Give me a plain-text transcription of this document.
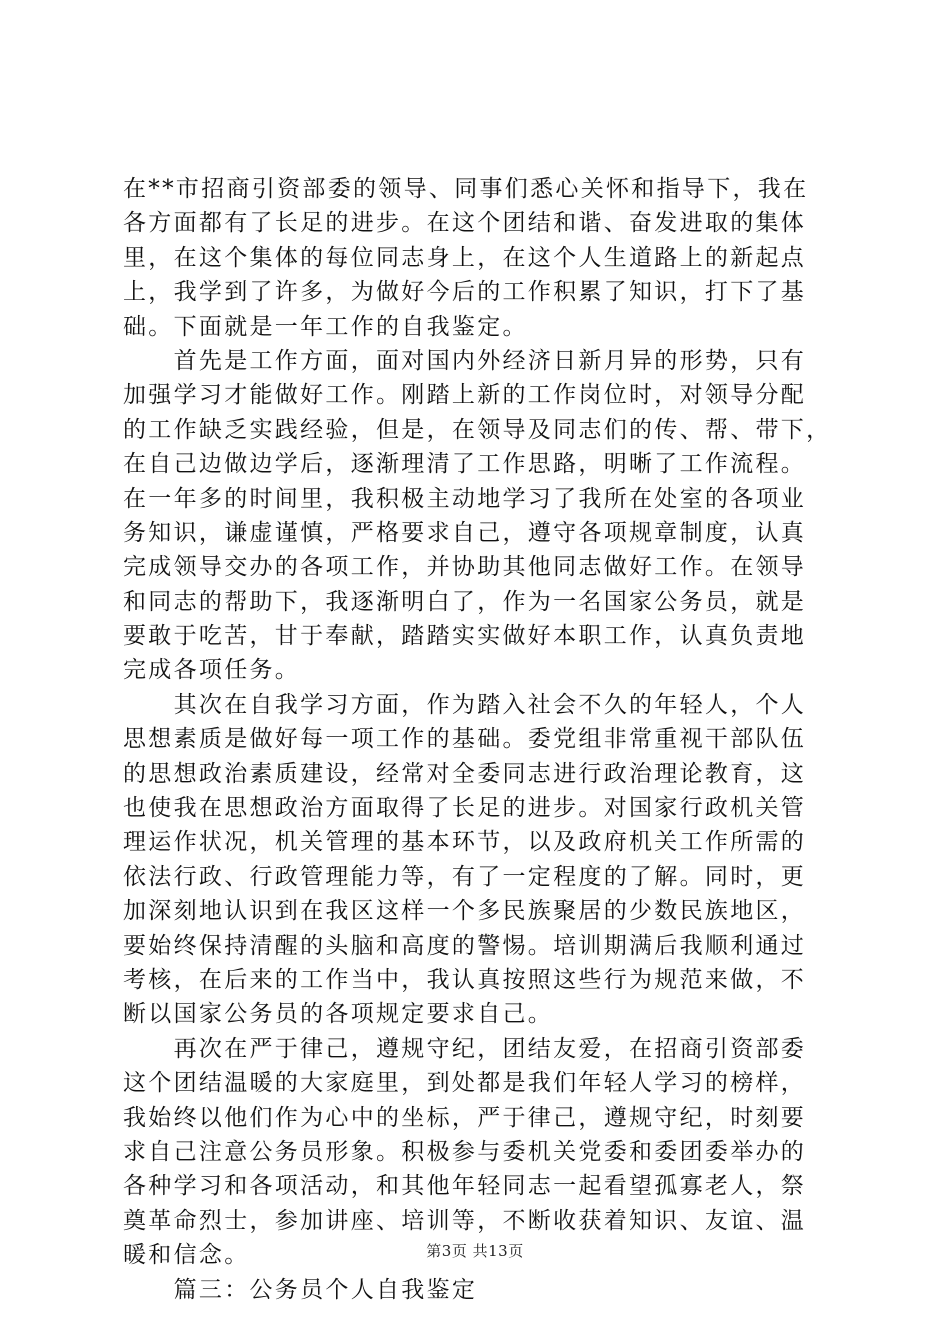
在**市招商引资部委的领导、同事们悉心关怀和指导下，我在
各方面都有了长足的进步。在这个团结和谐、奋发进取的集体
里，在这个集体的每位同志身上，在这个人生道路上的新起点
上，我学到了许多，为做好今后的工作积累了知识，打下了基
础。下面就是一年工作的自我鉴定。
　　首先是工作方面，面对国内外经济日新月异的形势，只有
加强学习才能做好工作。刚踏上新的工作岗位时，对领导分配
的工作缺乏实践经验，但是，在领导及同志们的传、帮、带下，
在自己边做边学后，逐渐理清了工作思路，明晰了工作流程。
在一年多的时间里，我积极主动地学习了我所在处室的各项业
务知识，谦虚谨慎，严格要求自己，遵守各项规章制度，认真
完成领导交办的各项工作，并协助其他同志做好工作。在领导
和同志的帮助下，我逐渐明白了，作为一名国家公务员，就是
要敢于吃苦，甘于奉献，踏踏实实做好本职工作，认真负责地
完成各项任务。
　　其次在自我学习方面，作为踏入社会不久的年轻人，个人
思想素质是做好每一项工作的基础。委党组非常重视干部队伍
的思想政治素质建设，经常对全委同志进行政治理论教育，这
也使我在思想政治方面取得了长足的进步。对国家行政机关管
理运作状况，机关管理的基本环节，以及政府机关工作所需的
依法行政、行政管理能力等，有了一定程度的了解。同时，更
加深刻地认识到在我区这样一个多民族聚居的少数民族地区，
要始终保持清醒的头脑和高度的警惕。培训期满后我顺利通过
考核，在后来的工作当中，我认真按照这些行为规范来做，不
断以国家公务员的各项规定要求自己。
　　再次在严于律己，遵规守纪，团结友爱，在招商引资部委
这个团结温暖的大家庭里，到处都是我们年轻人学习的榜样，
我始终以他们作为心中的坐标，严于律己，遵规守纪，时刻要
求自己注意公务员形象。积极参与委机关党委和委团委举办的
各种学习和各项活动，和其他年轻同志一起看望孤寡老人，祭
奠革命烈士，参加讲座、培训等，不断收获着知识、友谊、温
暖和信念。
　　篇三：公务员个人自我鉴定
第3页 共13页
